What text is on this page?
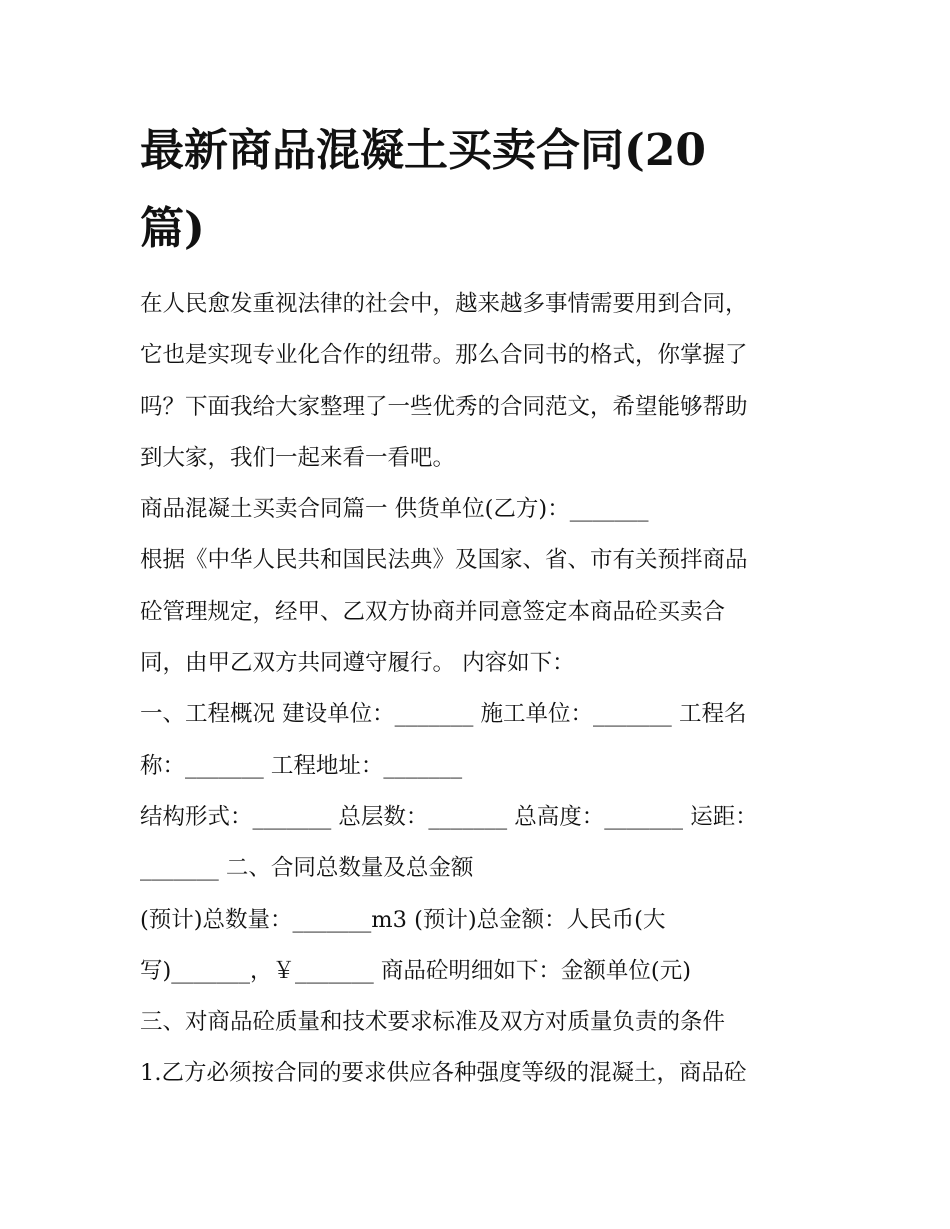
最新商品混凝土买卖合同(20
篇)
在人民愈发重视法律的社会中，越来越多事情需要用到合同，
它也是实现专业化合作的纽带。那么合同书的格式，你掌握了
吗？下面我给大家整理了一些优秀的合同范文，希望能够帮助
到大家，我们一起来看一看吧。
商品混凝土买卖合同篇一 供货单位(乙方)：_______
根据《中华人民共和国民法典》及国家、省、市有关预拌商品
砼管理规定，经甲、乙双方协商并同意签定本商品砼买卖合
同，由甲乙双方共同遵守履行。 内容如下：
一、工程概况 建设单位：_______ 施工单位：_______ 工程名
称：_______ 工程地址：_______
结构形式：_______ 总层数：_______ 总高度：_______ 运距：
_______ 二、合同总数量及总金额
(预计)总数量：_______m3 (预计)总金额：人民币(大
写)_______，￥_______ 商品砼明细如下：金额单位(元)
三、对商品砼质量和技术要求标准及双方对质量负责的条件
1.乙方必须按合同的要求供应各种强度等级的混凝土，商品砼
